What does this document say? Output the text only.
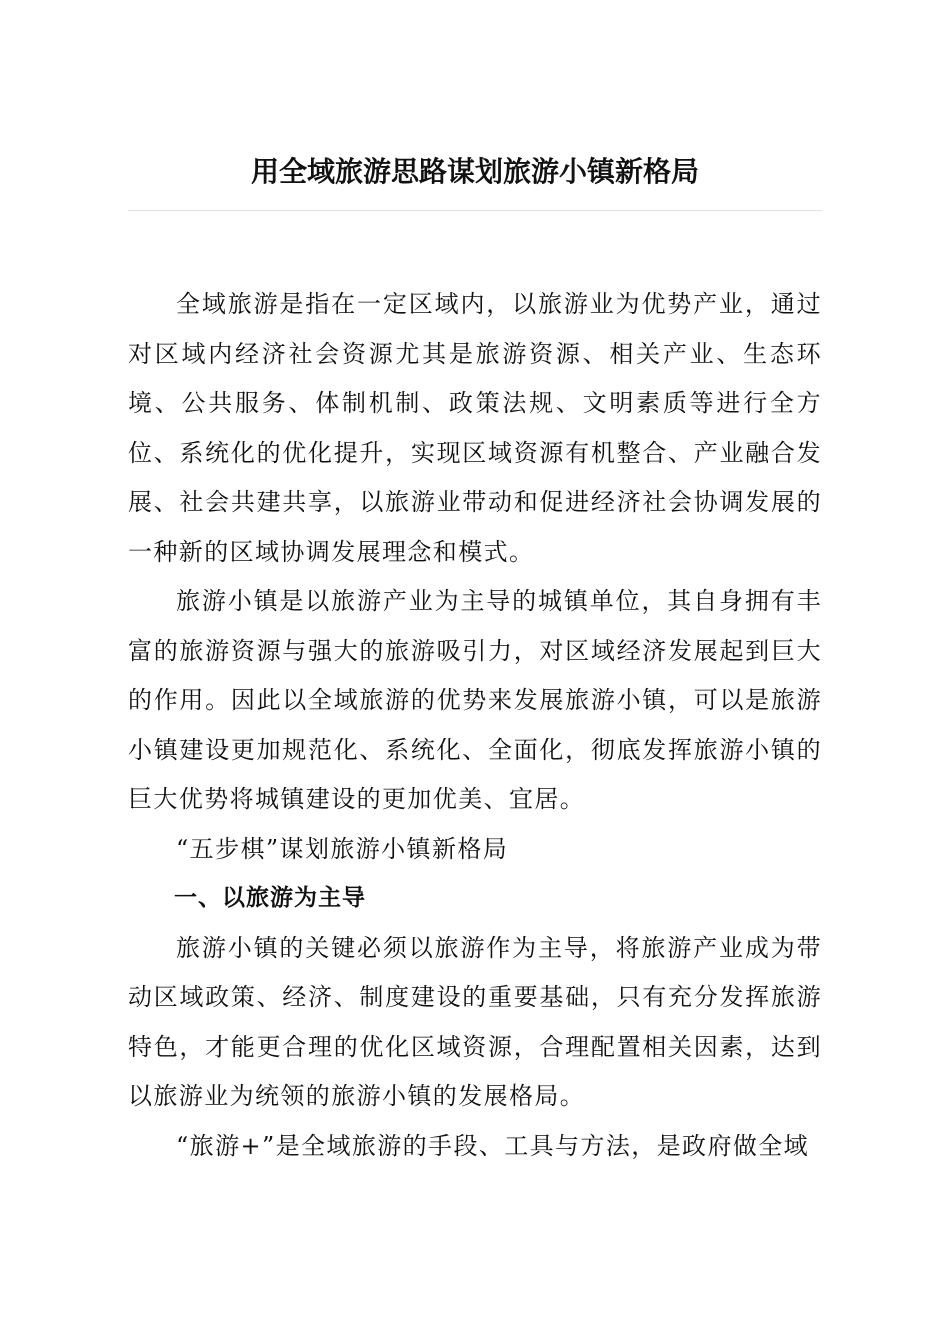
用全域旅游思路谋划旅游小镇新格局

全域旅游是指在一定区域内，以旅游业为优势产业，通过对区域内经济社会资源尤其是旅游资源、相关产业、生态环境、公共服务、体制机制、政策法规、文明素质等进行全方位、系统化的优化提升，实现区域资源有机整合、产业融合发展、社会共建共享，以旅游业带动和促进经济社会协调发展的一种新的区域协调发展理念和模式。

旅游小镇是以旅游产业为主导的城镇单位，其自身拥有丰富的旅游资源与强大的旅游吸引力，对区域经济发展起到巨大的作用。因此以全域旅游的优势来发展旅游小镇，可以是旅游小镇建设更加规范化、系统化、全面化，彻底发挥旅游小镇的巨大优势将城镇建设的更加优美、宜居。

“五步棋”谋划旅游小镇新格局

一、以旅游为主导

旅游小镇的关键必须以旅游作为主导，将旅游产业成为带动区域政策、经济、制度建设的重要基础，只有充分发挥旅游特色，才能更合理的优化区域资源，合理配置相关因素，达到以旅游业为统领的旅游小镇的发展格局。

“旅游+”是全域旅游的手段、工具与方法，是政府做全域
